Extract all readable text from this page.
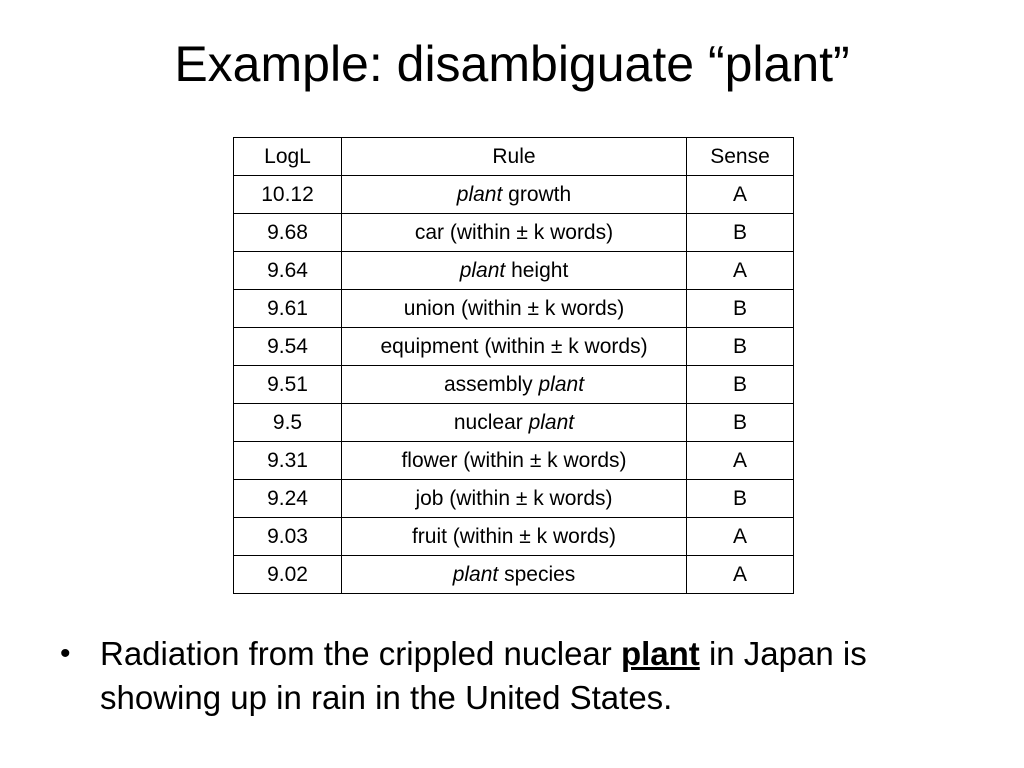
Example: disambiguate “plant”
LogL	Rule	Sense
10.12	plant growth	A
9.68	car (within ± k words)	B
9.64	plant height	A
9.61	union (within ± k words)	B
9.54	equipment (within ± k words)	B
9.51	assembly plant	B
9.5	nuclear plant	B
9.31	flower (within ± k words)	A
9.24	job (within ± k words)	B
9.03	fruit (within ± k words)	A
9.02	plant species	A
• Radiation from the crippled nuclear plant in Japan is showing up in rain in the United States.
